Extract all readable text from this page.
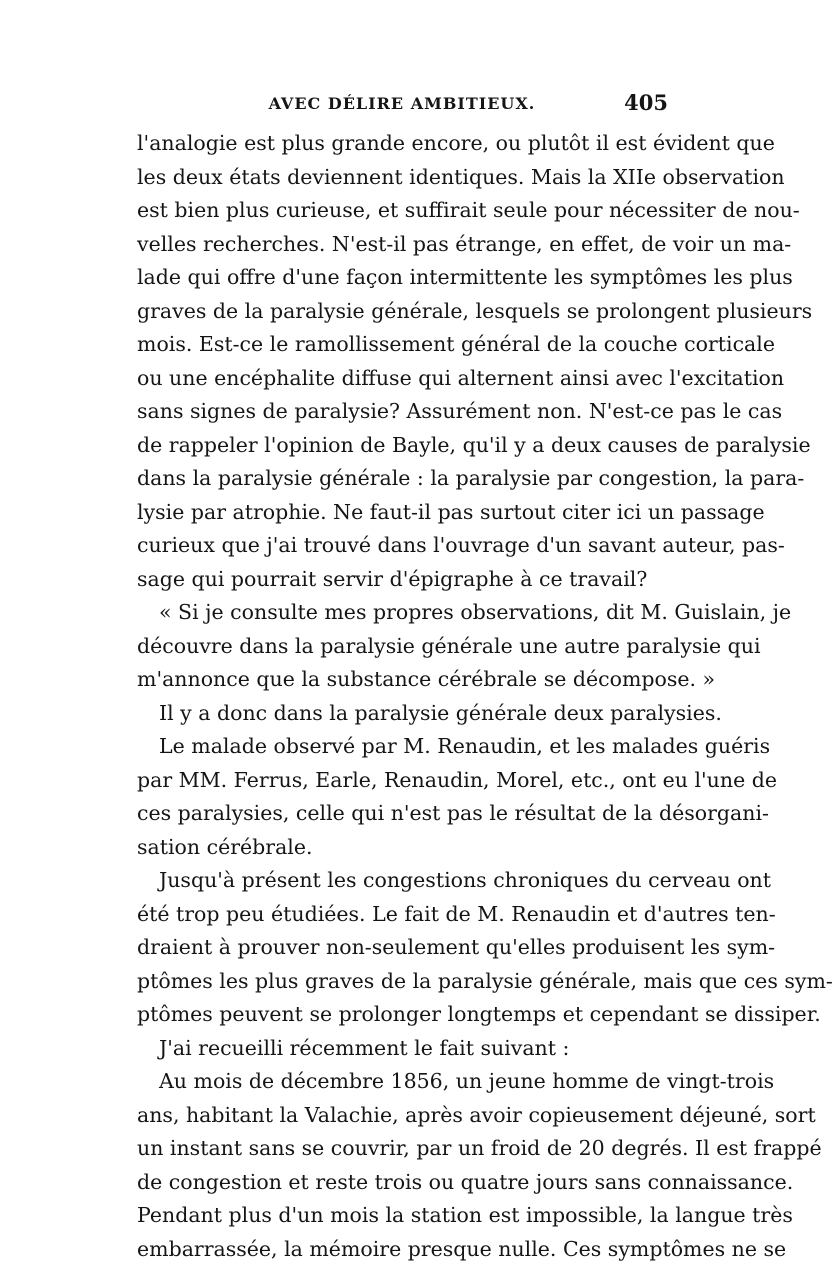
AVEC DÉLIRE AMBITIEUX.	405
l'analogie est plus grande encore, ou plutôt il est évident que
les deux états deviennent identiques. Mais la XIIe observation
est bien plus curieuse, et suffirait seule pour nécessiter de nou-
velles recherches. N'est-il pas étrange, en effet, de voir un ma-
lade qui offre d'une façon intermittente les symptômes les plus
graves de la paralysie générale, lesquels se prolongent plusieurs
mois. Est-ce le ramollissement général de la couche corticale
ou une encéphalite diffuse qui alternent ainsi avec l'excitation
sans signes de paralysie? Assurément non. N'est-ce pas le cas
de rappeler l'opinion de Bayle, qu'il y a deux causes de paralysie
dans la paralysie générale : la paralysie par congestion, la para-
lysie par atrophie. Ne faut-il pas surtout citer ici un passage
curieux que j'ai trouvé dans l'ouvrage d'un savant auteur, pas-
sage qui pourrait servir d'épigraphe à ce travail?
« Si je consulte mes propres observations, dit M. Guislain, je
découvre dans la paralysie générale une autre paralysie qui
m'annonce que la substance cérébrale se décompose. »
Il y a donc dans la paralysie générale deux paralysies.
Le malade observé par M. Renaudin, et les malades guéris
par MM. Ferrus, Earle, Renaudin, Morel, etc., ont eu l'une de
ces paralysies, celle qui n'est pas le résultat de la désorgani-
sation cérébrale.
Jusqu'à présent les congestions chroniques du cerveau ont
été trop peu étudiées. Le fait de M. Renaudin et d'autres ten-
draient à prouver non-seulement qu'elles produisent les sym-
ptômes les plus graves de la paralysie générale, mais que ces sym-
ptômes peuvent se prolonger longtemps et cependant se dissiper.
J'ai recueilli récemment le fait suivant :
Au mois de décembre 1856, un jeune homme de vingt-trois
ans, habitant la Valachie, après avoir copieusement déjeuné, sort
un instant sans se couvrir, par un froid de 20 degrés. Il est frappé
de congestion et reste trois ou quatre jours sans connaissance.
Pendant plus d'un mois la station est impossible, la langue très
embarrassée, la mémoire presque nulle. Ces symptômes ne se
